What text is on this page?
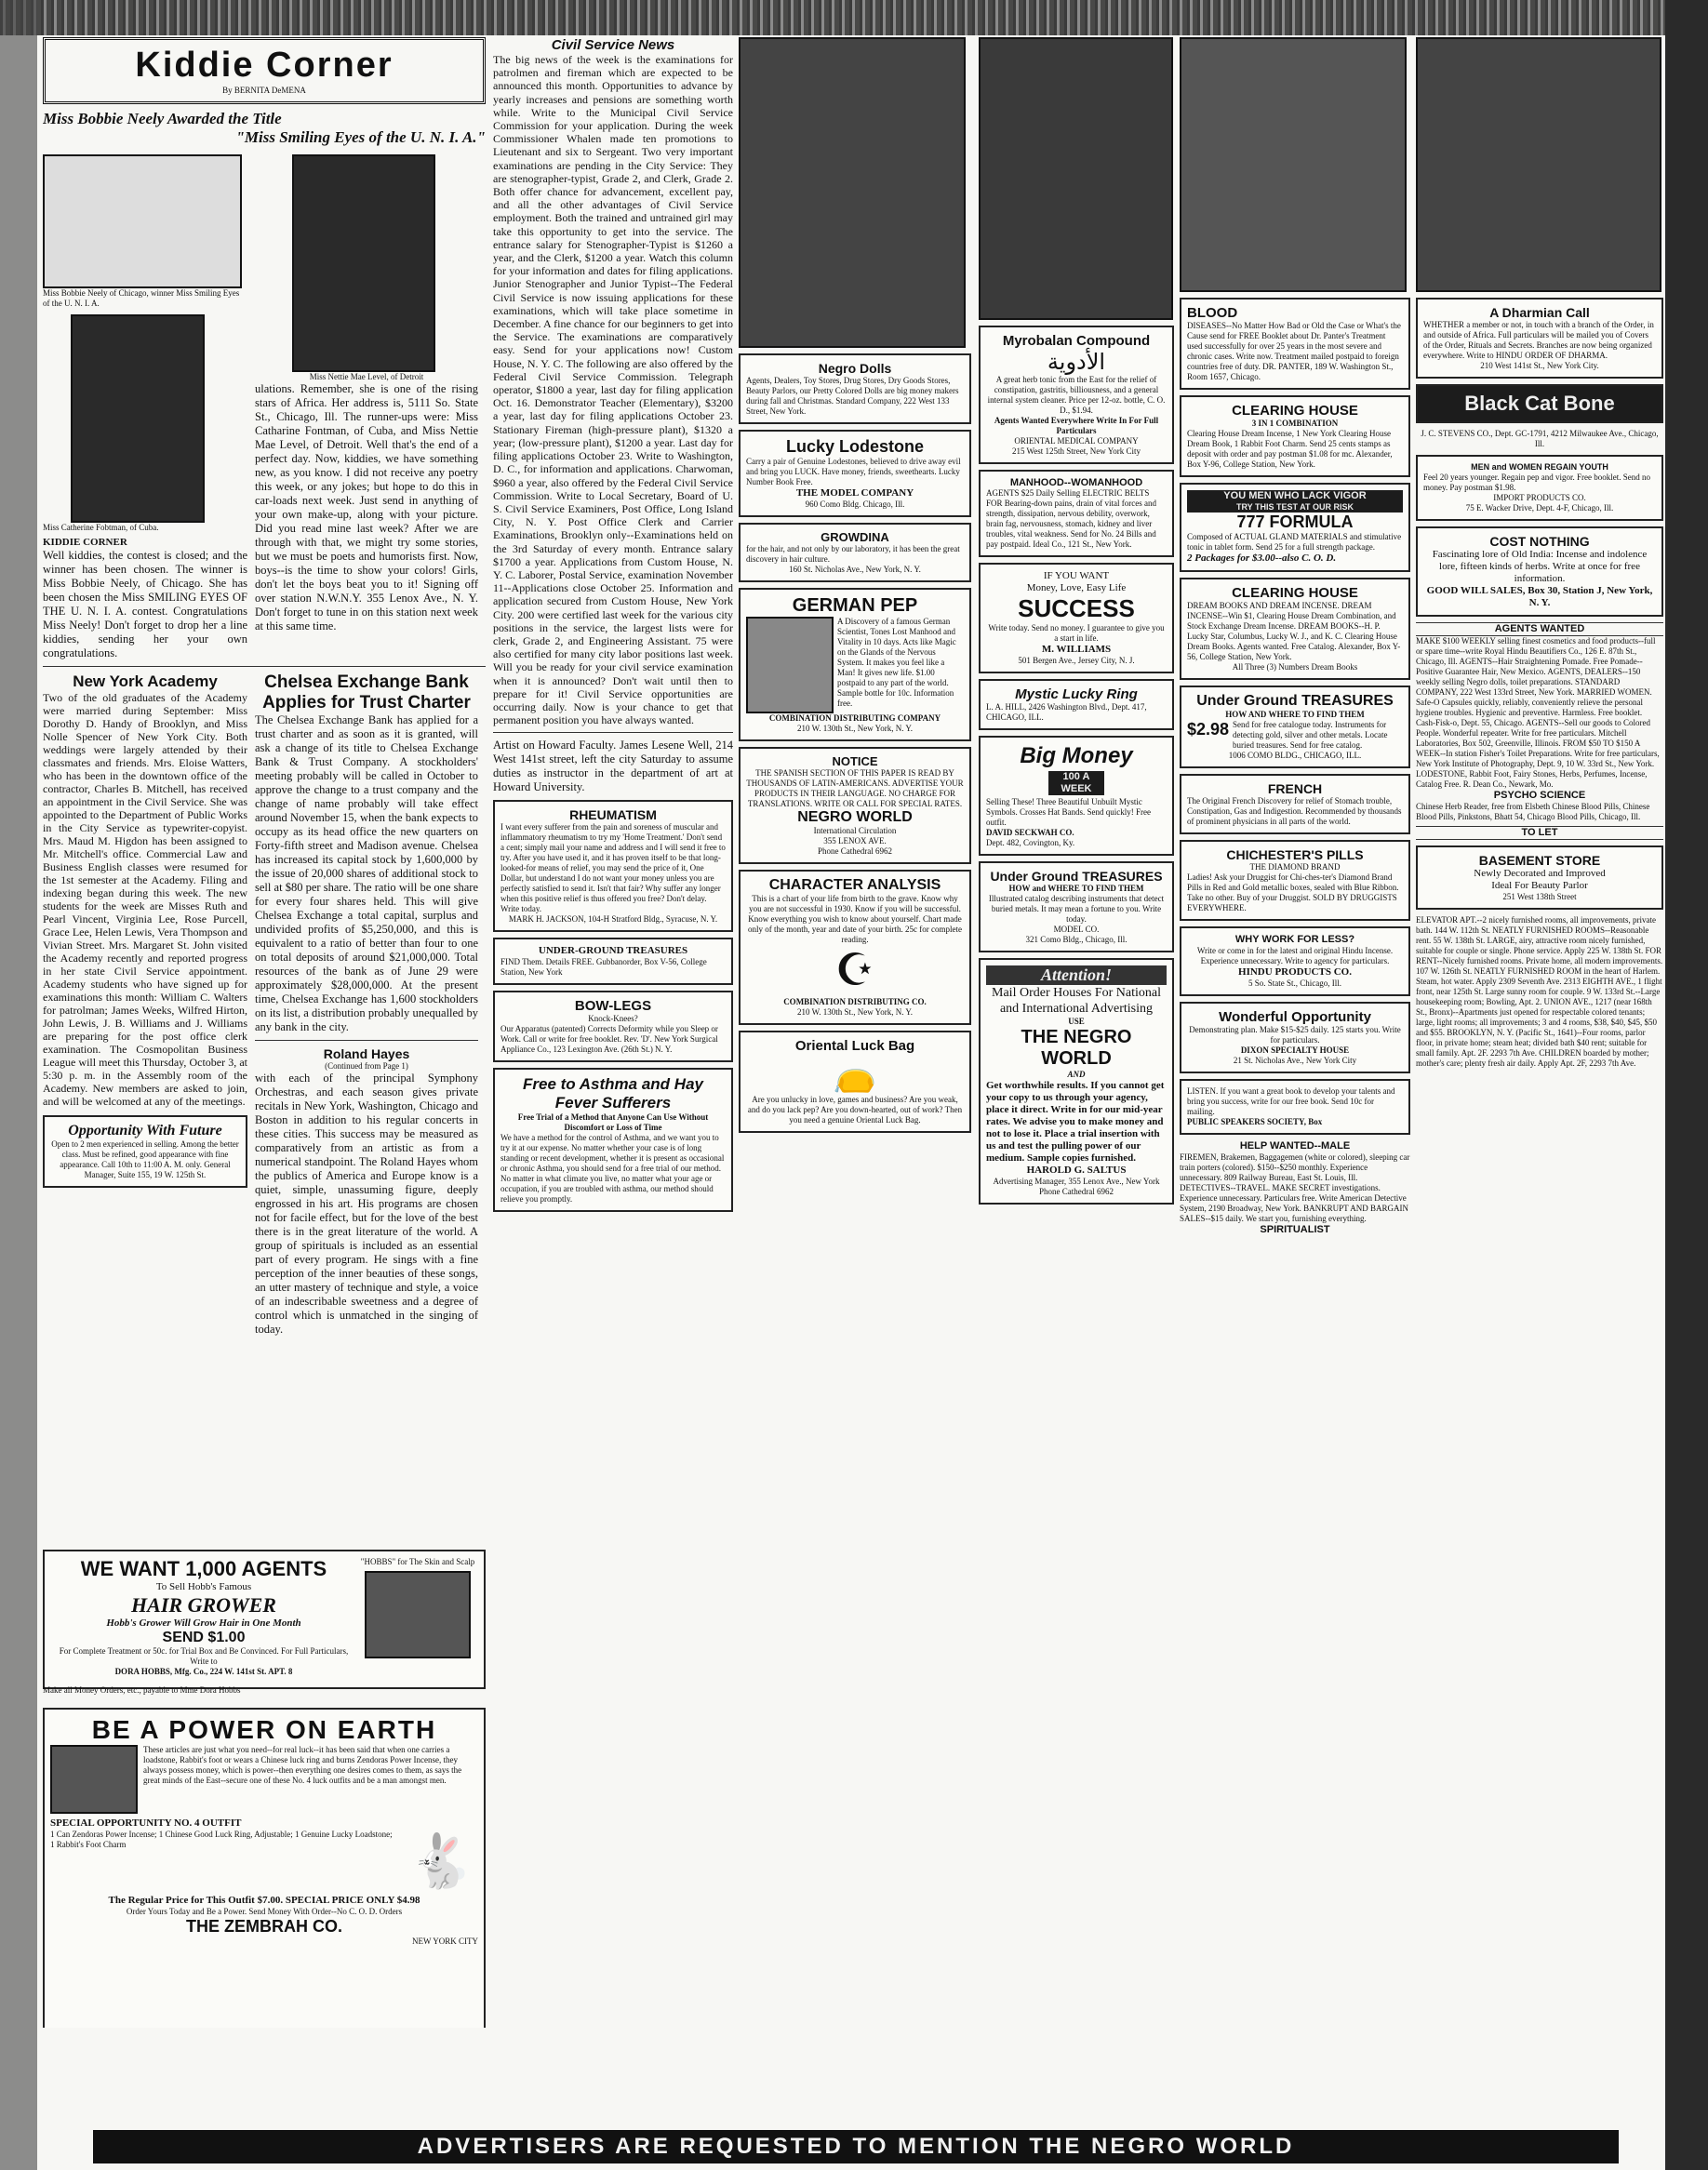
Kiddie Corner
By BERNITA DeMENA
Miss Bobbie Neely Awarded the Title
"Miss Smiling Eyes of the U. N. I. A."
Miss Bobbie Neely of Chicago, winner Miss Smiling Eyes of the U. N. I. A.
Miss Catherine Fobtman, of Cuba.
KIDDIE CORNER
Well kiddies, the contest is closed; and the winner has been chosen. The winner is Miss Bobbie Neely, of Chicago. She has been chosen the Miss SMILING EYES OF THE U. N. I. A. contest. Congratulations Miss Neely! Don't forget to drop her a line kiddies, sending her your own congratulations.
Miss Nettie Mae Level, of Detroit
ulations. Remember, she is one of the rising stars of Africa. Her address is, 5111 So. State St., Chicago, Ill. The runner-ups were: Miss Catharine Fontman, of Cuba, and Miss Nettie Mae Level, of Detroit. Well that's the end of a perfect day. Now, kiddies, we have something new, as you know. I did not receive any poetry this week, or any jokes; but hope to do this in car-loads next week. Just send in anything of your own make-up, along with your picture. Did you read mine last week? After we are through with that, we might try some stories, but we must be poets and humorists first. Now, boys--is the time to show your colors! Girls, don't let the boys beat you to it! Signing off over station N.W.N.Y. 355 Lenox Ave., N. Y. Don't forget to tune in on this station next week at this same time.
New York Academy
Two of the old graduates of the Academy were married during September: Miss Dorothy D. Handy of Brooklyn, and Miss Nolle Spencer of New York City. Both weddings were largely attended by their classmates and friends. Mrs. Eloise Watters, who has been in the downtown office of the contractor, Charles B. Mitchell, has received an appointment in the Civil Service. She was appointed to the Department of Public Works in the City Service as typewriter-copyist. Mrs. Maud M. Higdon has been assigned to Mr. Mitchell's office. Commercial Law and Business English classes were resumed for the 1st semester at the Academy. Filing and indexing began during this week. The new students for the week are Misses Ruth and Pearl Vincent, Virginia Lee, Rose Purcell, Grace Lee, Helen Lewis, Vera Thompson and Vivian Street. Mrs. Margaret St. John visited the Academy recently and reported progress in her state Civil Service appointment. Academy students who have signed up for examinations this month: William C. Walters for patrolman; James Weeks, Wilfred Hirton, John Lewis, J. B. Williams and J. Williams are preparing for the post office clerk examination. The Cosmopolitan Business League will meet this Thursday, October 3, at 5:30 p. m. in the Assembly room of the Academy. New members are asked to join, and will be welcomed at any of the meetings.
Opportunity With Future
Open to 2 men experienced in selling. Among the better class. Must be refined, good appearance with fine appearance. Call 10th to 11:00 A. M. only. General Manager, Suite 155, 19 W. 125th St.
Chelsea Exchange Bank Applies for Trust Charter
The Chelsea Exchange Bank has applied for a trust charter and as soon as it is granted, will ask a change of its title to Chelsea Exchange Bank & Trust Company. A stockholders' meeting probably will be called in October to approve the change to a trust company and the change of name probably will take effect around November 15, when the bank expects to occupy as its head office the new quarters on Forty-fifth street and Madison avenue. Chelsea has increased its capital stock by 1,600,000 by the issue of 20,000 shares of additional stock to sell at $80 per share. The ratio will be one share for every four shares held. This will give Chelsea Exchange a total capital, surplus and undivided profits of $5,250,000, and this is equivalent to a ratio of better than four to one on total deposits of around $21,000,000. Total resources of the bank as of June 29 were approximately $28,000,000. At the present time, Chelsea Exchange has 1,600 stockholders on its list, a distribution probably unequalled by any bank in the city.
Roland Hayes
(Continued from Page 1)
with each of the principal Symphony Orchestras, and each season gives private recitals in New York, Washington, Chicago and Boston in addition to his regular concerts in these cities. This success may be measured as comparatively from an artistic as from a numerical standpoint. The Roland Hayes whom the publics of America and Europe know is a quiet, simple, unassuming figure, deeply engrossed in his art. His programs are chosen not for facile effect, but for the love of the best there is in the great literature of the world. A group of spirituals is included as an essential part of every program. He sings with a fine perception of the inner beauties of these songs, an utter mastery of technique and style, a voice of an indescribable sweetness and a degree of control which is unmatched in the singing of today.
WE WANT 1,000 AGENTS
To Sell Hobb's Famous
HAIR GROWER
Hobb's Grower Will Grow Hair in One Month
SEND $1.00
For Complete Treatment or 50c. for Trial Box and Be Convinced. For Full Particulars, Write to
DORA HOBBS, Mfg. Co., 224 W. 141st St. APT. 8
"HOBBS" for The Skin and Scalp
Make all Money Orders, etc., payable to Mme Dora Hobbs
BE A POWER ON EARTH
These articles are just what you need--for real luck--it has been said that when one carries a loadstone, Rabbit's foot or wears a Chinese luck ring and burns Zendoras Power Incense, they always possess money, which is power--then everything one desires comes to them, as says the great minds of the East--secure one of these No. 4 luck outfits and be a man amongst men.
SPECIAL OPPORTUNITY NO. 4 OUTFIT
1 Can Zendoras Power Incense; 1 Chinese Good Luck Ring, Adjustable; 1 Genuine Lucky Loadstone; 1 Rabbit's Foot Charm	🐇
The Regular Price for This Outfit $7.00. SPECIAL PRICE ONLY $4.98
Order Yours Today and Be a Power. Send Money With Order--No C. O. D. Orders
THE ZEMBRAH CO.
NEW YORK CITY
Civil Service News
The big news of the week is the examinations for patrolmen and fireman which are expected to be announced this month. Opportunities to advance by yearly increases and pensions are something worth while. Write to the Municipal Civil Service Commission for your application. During the week Commissioner Whalen made ten promotions to Lieutenant and six to Sergeant. Two very important examinations are pending in the City Service: They are stenographer-typist, Grade 2, and Clerk, Grade 2. Both offer chance for advancement, excellent pay, and all the other advantages of Civil Service employment. Both the trained and untrained girl may take this opportunity to get into the service. The entrance salary for Stenographer-Typist is $1260 a year, and the Clerk, $1200 a year. Watch this column for your information and dates for filing applications. Junior Stenographer and Junior Typist--The Federal Civil Service is now issuing applications for these examinations, which will take place sometime in December. A fine chance for our beginners to get into the Service. The examinations are comparatively easy. Send for your applications now! Custom House, N. Y. C. The following are also offered by the Federal Civil Service Commission. Telegraph operator, $1800 a year, last day for filing application Oct. 16. Demonstrator Teacher (Elementary), $3200 a year, last day for filing applications October 23. Stationary Fireman (high-pressure plant), $1320 a year; (low-pressure plant), $1200 a year. Last day for filing applications October 23. Write to Washington, D. C., for information and applications. Charwoman, $960 a year, also offered by the Federal Civil Service Commission. Write to Local Secretary, Board of U. S. Civil Service Examiners, Post Office, Long Island City, N. Y. Post Office Clerk and Carrier Examinations, Brooklyn only--Examinations held on the 3rd Saturday of every month. Entrance salary $1700 a year. Applications from Custom House, N. Y. C. Laborer, Postal Service, examination November 11--Applications close October 25. Information and application secured from Custom House, New York City. 200 were certified last week for the various city positions in the service, the largest lists were for clerk, Grade 2, and Engineering Assistant. 75 were also certified for many city labor positions last week. Will you be ready for your civil service examination when it is announced? Don't wait until then to prepare for it! Civil Service opportunities are occurring daily. Now is your chance to get that permanent position you have always wanted.
Artist on Howard Faculty. James Lesene Well, 214 West 141st street, left the city Saturday to assume duties as instructor in the department of art at Howard University.
RHEUMATISM
I want every sufferer from the pain and soreness of muscular and inflammatory rheumatism to try my 'Home Treatment.' Don't send a cent; simply mail your name and address and I will send it free to try. After you have used it, and it has proven itself to be that long-looked-for means of relief, you may send the price of it, One Dollar, but understand I do not want your money unless you are perfectly satisfied to send it. Isn't that fair? Why suffer any longer when this positive relief is thus offered you free? Don't delay. Write today.
MARK H. JACKSON, 104-H Stratford Bldg., Syracuse, N. Y.
UNDER-GROUND TREASURES
FIND Them. Details FREE. Gubbanorder, Box V-56, College Station, New York
BOW-LEGS
Knock-Knees?
Our Apparatus (patented) Corrects Deformity while you Sleep or Work. Call or write for free booklet. Rev. 'D'. New York Surgical Appliance Co., 123 Lexington Ave. (26th St.) N. Y.
Free to Asthma and Hay Fever Sufferers
Free Trial of a Method that Anyone Can Use Without Discomfort or Loss of Time
We have a method for the control of Asthma, and we want you to try it at our expense. No matter whether your case is of long standing or recent development, whether it is present as occasional or chronic Asthma, you should send for a free trial of our method. No matter in what climate you live, no matter what your age or occupation, if you are troubled with asthma, our method should relieve you promptly.
Negro Dolls
Agents, Dealers, Toy Stores, Drug Stores, Dry Goods Stores, Beauty Parlors, our Pretty Colored Dolls are big money makers during fall and Christmas. Standard Company, 222 West 133 Street, New York.
Lucky Lodestone
Carry a pair of Genuine Lodestones, believed to drive away evil and bring you LUCK. Have money, friends, sweethearts. Lucky Number Book Free.
THE MODEL COMPANY
960 Como Bldg. Chicago, Ill.
GROWDINA
for the hair, and not only by our laboratory, it has been the great discovery in hair culture.
160 St. Nicholas Ave., New York, N. Y.
GERMAN PEP
A Discovery of a famous German Scientist, Tones Lost Manhood and Vitality in 10 days. Acts like Magic on the Glands of the Nervous System. It makes you feel like a Man! It gives new life. $1.00 postpaid to any part of the world. Sample bottle for 10c. Information free.
COMBINATION DISTRIBUTING COMPANY
210 W. 130th St., New York, N. Y.
NOTICE
THE SPANISH SECTION OF THIS PAPER IS READ BY THOUSANDS OF LATIN-AMERICANS. ADVERTISE YOUR PRODUCTS IN THEIR LANGUAGE. NO CHARGE FOR TRANSLATIONS. WRITE OR CALL FOR SPECIAL RATES.
NEGRO WORLD
International Circulation
355 LENOX AVE.
Phone Cathedral 6962
CHARACTER ANALYSIS
This is a chart of your life from birth to the grave. Know why you are not successful in 1930. Know if you will be successful. Know everything you wish to know about yourself. Chart made only of the month, year and date of your birth. 25c for complete reading.
☪
COMBINATION DISTRIBUTING CO.
210 W. 130th St., New York, N. Y.
Oriental Luck Bag
👝
Are you unlucky in love, games and business? Are you weak, and do you lack pep? Are you down-hearted, out of work? Then you need a genuine Oriental Luck Bag.
Myrobalan Compound
الأدوية
A great herb tonic from the East for the relief of constipation, gastritis, billiousness, and a general internal system cleaner. Price per 12-oz. bottle, C. O. D., $1.94.
Agents Wanted Everywhere Write In For Full Particulars
ORIENTAL MEDICAL COMPANY
215 West 125th Street, New York City
MANHOOD--WOMANHOOD
AGENTS $25 Daily Selling ELECTRIC BELTS FOR Bearing-down pains, drain of vital forces and strength, dissipation, nervous debility, overwork, brain fag, nervousness, stomach, kidney and liver troubles, vital weakness. Send for No. 24 Bills and pay postpaid. Ideal Co., 121 St., New York.
IF YOU WANT
Money, Love, Easy Life
SUCCESS
Write today. Send no money. I guarantee to give you a start in life.
M. WILLIAMS
501 Bergen Ave., Jersey City, N. J.
Mystic Lucky Ring
L. A. HILL, 2426 Washington Blvd., Dept. 417, CHICAGO, ILL.
Big Money
100 A WEEK
Selling These! Three Beautiful Unbuilt Mystic Symbols. Crosses Hat Bands. Send quickly! Free outfit.
DAVID SECKWAH CO.
Dept. 482, Covington, Ky.
Under Ground TREASURES
HOW and WHERE TO FIND THEM
Illustrated catalog describing instruments that detect buried metals. It may mean a fortune to you. Write today.
MODEL CO.
321 Como Bldg., Chicago, Ill.
Attention!
Mail Order Houses For National and International Advertising
USE
THE NEGRO WORLD
AND
Get worthwhile results. If you cannot get your copy to us through your agency, place it direct. Write in for our mid-year rates. We advise you to make money and not to lose it. Place a trial insertion with us and test the pulling power of our medium. Sample copies furnished.
HAROLD G. SALTUS
Advertising Manager, 355 Lenox Ave., New York
Phone Cathedral 6962
BLOOD
DISEASES--No Matter How Bad or Old the Case or What's the Cause send for FREE Booklet about Dr. Panter's Treatment used successfully for over 25 years in the most severe and chronic cases. Write now. Treatment mailed postpaid to foreign countries free of duty. DR. PANTER, 189 W. Washington St., Room 1657, Chicago.
CLEARING HOUSE
3 IN 1 COMBINATION
Clearing House Dream Incense, 1 New York Clearing House Dream Book, 1 Rabbit Foot Charm. Send 25 cents stamps as deposit with order and pay postman $1.08 for mc. Alexander, Box Y-96, College Station, New York.
YOU MEN WHO LACK VIGOR
TRY THIS TEST AT OUR RISK
777 FORMULA
Composed of ACTUAL GLAND MATERIALS and stimulative tonic in tablet form. Send 25 for a full strength package.
2 Packages for $3.00--also C. O. D.
CLEARING HOUSE
DREAM BOOKS AND DREAM INCENSE. DREAM INCENSE--Win $1, Clearing House Dream Combination, and Stock Exchange Dream Incense. DREAM BOOKS--H. P. Lucky Star, Columbus, Lucky W. J., and K. C. Clearing House Dream Books. Agents wanted. Free Catalog. Alexander, Box Y-56, College Station, New York.
All Three (3) Numbers Dream Books
Under Ground TREASURES
HOW AND WHERE TO FIND THEM
$2.98 Send for free catalogue today. Instruments for detecting gold, silver and other metals. Locate buried treasures. Send for free catalog.
1006 COMO BLDG., CHICAGO, ILL.
FRENCH
The Original French Discovery for relief of Stomach trouble, Constipation, Gas and Indigestion. Recommended by thousands of prominent physicians in all parts of the world.
CHICHESTER'S PILLS
THE DIAMOND BRAND
Ladies! Ask your Druggist for Chi-ches-ter's Diamond Brand Pills in Red and Gold metallic boxes, sealed with Blue Ribbon. Take no other. Buy of your Druggist. SOLD BY DRUGGISTS EVERYWHERE.
WHY WORK FOR LESS?
Write or come in for the latest and original Hindu Incense. Experience unnecessary. Write to agency for particulars.
HINDU PRODUCTS CO.
5 So. State St., Chicago, Ill.
Wonderful Opportunity
Demonstrating plan. Make $15-$25 daily. 125 starts you. Write for particulars.
DIXON SPECIALTY HOUSE
21 St. Nicholas Ave., New York City
LISTEN. If you want a great book to develop your talents and bring you success, write for our free book. Send 10c for mailing.
PUBLIC SPEAKERS SOCIETY, Box
HELP WANTED--MALE
FIREMEN, Brakemen, Baggagemen (white or colored), sleeping car train porters (colored). $150--$250 monthly. Experience unnecessary. 809 Railway Bureau, East St. Louis, Ill. DETECTIVES--TRAVEL. MAKE SECRET investigations. Experience unnecessary. Particulars free. Write American Detective System, 2190 Broadway, New York. BANKRUPT AND BARGAIN SALES--$15 daily. We start you, furnishing everything.
SPIRITUALIST
A Dharmian Call
WHETHER a member or not, in touch with a branch of the Order, in and outside of Africa. Full particulars will be mailed you of Covers of the Order, Rituals and Secrets. Branches are now being organized everywhere. Write to HINDU ORDER OF DHARMA.
210 West 141st St., New York City.
Black Cat Bone
J. C. STEVENS CO., Dept. GC-1791, 4212 Milwaukee Ave., Chicago, Ill.
MEN and WOMEN REGAIN YOUTH
Feel 20 years younger. Regain pep and vigor. Free booklet. Send no money. Pay postman $1.98.
IMPORT PRODUCTS CO.
75 E. Wacker Drive, Dept. 4-F, Chicago, Ill.
COST NOTHING
Fascinating lore of Old India: Incense and indolence lore, fifteen kinds of herbs. Write at once for free information.
GOOD WILL SALES, Box 30, Station J, New York, N. Y.
AGENTS WANTED
MAKE $100 WEEKLY selling finest cosmetics and food products--full or spare time--write Royal Hindu Beautifiers Co., 126 E. 87th St., Chicago, Ill. AGENTS--Hair Straightening Pomade. Free Pomade--Positive Guarantee Hair, New Mexico. AGENTS, DEALERS--150 weekly selling Negro dolls, toilet preparations. STANDARD COMPANY, 222 West 133rd Street, New York. MARRIED WOMEN. Safe-O Capsules quickly, reliably, conveniently relieve the personal hygiene troubles. Hygienic and preventive. Harmless. Free booklet. Cash-Fisk-o, Dept. 55, Chicago. AGENTS--Sell our goods to Colored People. Wonderful repeater. Write for free particulars. Mitchell Laboratories, Box 502, Greenville, Illinois. FROM $50 TO $150 A WEEK--In station Fisher's Toilet Preparations. Write for free particulars, New York Institute of Photography, Dept. 9, 10 W. 33rd St., New York. LODESTONE, Rabbit Foot, Fairy Stones, Herbs, Perfumes, Incense, Catalog Free. R. Dean Co., Newark, Mo.
PSYCHO SCIENCE
Chinese Herb Reader, free from Elsbeth Chinese Blood Pills, Chinese Blood Pills, Pinkstons, Bhatt 54, Chicago Blood Pills, Chicago, Ill.
TO LET
BASEMENT STORE
Newly Decorated and Improved
Ideal For Beauty Parlor
251 West 138th Street
ELEVATOR APT.--2 nicely furnished rooms, all improvements, private bath. 144 W. 112th St. NEATLY FURNISHED ROOMS--Reasonable rent. 55 W. 138th St. LARGE, airy, attractive room nicely furnished, suitable for couple or single. Phone service. Apply 225 W. 138th St. FOR RENT--Nicely furnished rooms. Private home, all modern improvements. 107 W. 126th St. NEATLY FURNISHED ROOM in the heart of Harlem. Steam, hot water. Apply 2309 Seventh Ave. 2313 EIGHTH AVE., 1 flight front, near 125th St. Large sunny room for couple. 9 W. 133rd St.--Large housekeeping room; Bowling, Apt. 2. UNION AVE., 1217 (near 168th St., Bronx)--Apartments just opened for respectable colored tenants; large, light rooms; all improvements; 3 and 4 rooms, $38, $40, $45, $50 and $55. BROOKLYN, N. Y. (Pacific St., 1641)--Four rooms, parlor floor, in private home; steam heat; divided bath $40 rent; suitable for small family. Apt. 2F. 2293 7th Ave. CHILDREN boarded by mother; mother's care; plenty fresh air daily. Apply Apt. 2F, 2293 7th Ave.
ADVERTISERS ARE REQUESTED TO MENTION THE NEGRO WORLD
